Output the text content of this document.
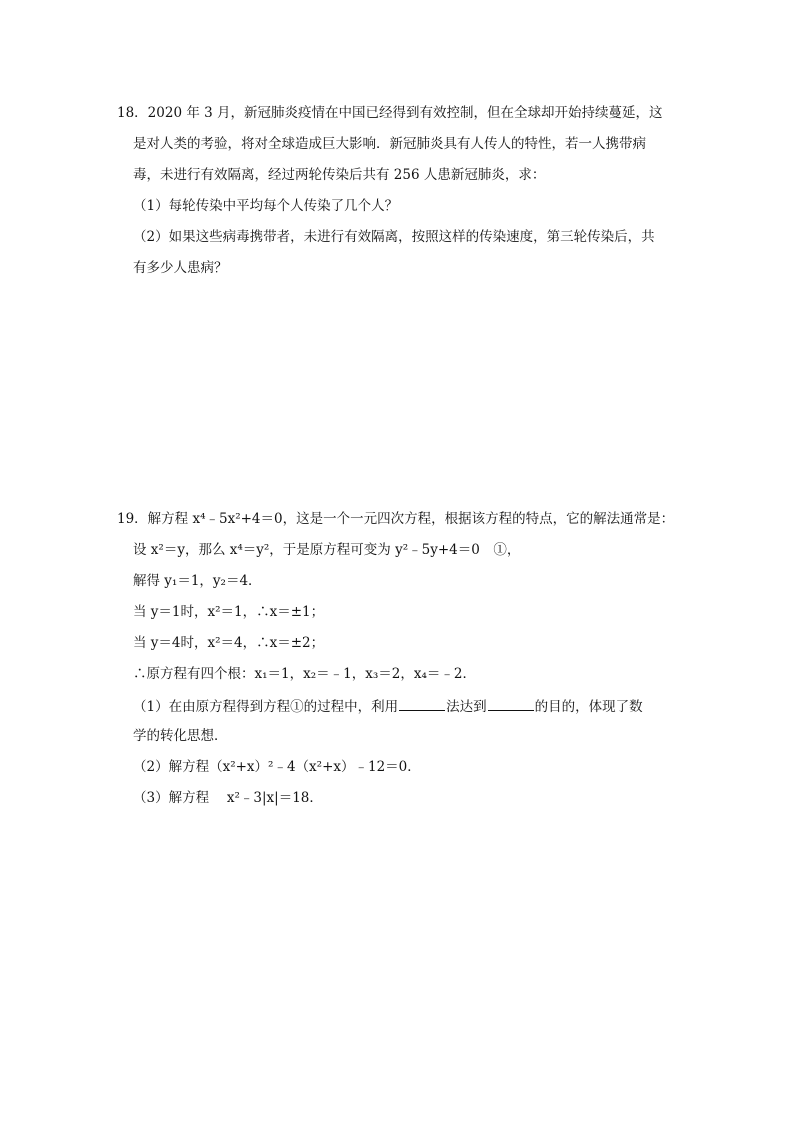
18．2020 年 3 月，新冠肺炎疫情在中国已经得到有效控制，但在全球却开始持续蔓延，这
是对人类的考验，将对全球造成巨大影响．新冠肺炎具有人传人的特性，若一人携带病
毒，未进行有效隔离，经过两轮传染后共有 256 人患新冠肺炎，求：
（1）每轮传染中平均每个人传染了几个人？
（2）如果这些病毒携带者，未进行有效隔离，按照这样的传染速度，第三轮传染后，共
有多少人患病？
19．解方程 x⁴﹣5x²+4＝0，这是一个一元四次方程，根据该方程的特点，它的解法通常是：
设 x²＝y，那么 x⁴＝y²，于是原方程可变为 y²﹣5y+4＝0　①，
解得 y₁＝1，y₂＝4．
当 y＝1时，x²＝1，∴x＝±1；
当 y＝4时，x²＝4，∴x＝±2；
∴原方程有四个根：x₁＝1，x₂＝﹣1，x₃＝2，x₄＝﹣2．
（1）在由原方程得到方程①的过程中，利用	法达到	的目的，体现了数
学的转化思想．
（2）解方程（x²+x）²﹣4（x²+x）﹣12＝0．
（3）解方程　 x²﹣3|x|＝18．
